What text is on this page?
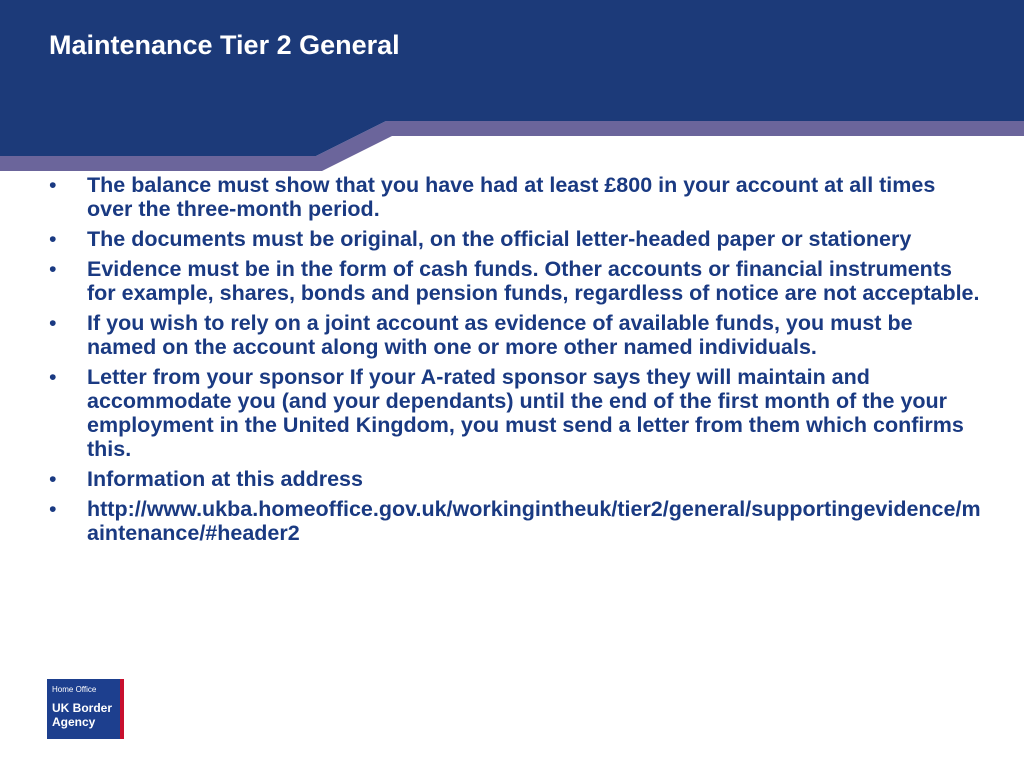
Maintenance Tier 2 General
• The balance must show that you have had at least £800 in your account at all times over the three-month period.
• The documents must be original, on the official letter-headed paper or stationery
• Evidence must be in the form of cash funds. Other accounts or financial instruments for example, shares, bonds and pension funds, regardless of notice are not acceptable.
• If you wish to rely on a joint account as evidence of available funds, you must be named on the account along with one or more other named individuals.
• Letter from your sponsor If your A-rated sponsor says they will maintain and accommodate you (and your dependants) until the end of the first month of the your employment in the United Kingdom, you must send a letter from them which confirms this.
• Information at this address
• http://www.ukba.homeoffice.gov.uk/workingintheuk/tier2/general/supportingevidence/maintenance/#header2
Home Office
UK Border Agency
